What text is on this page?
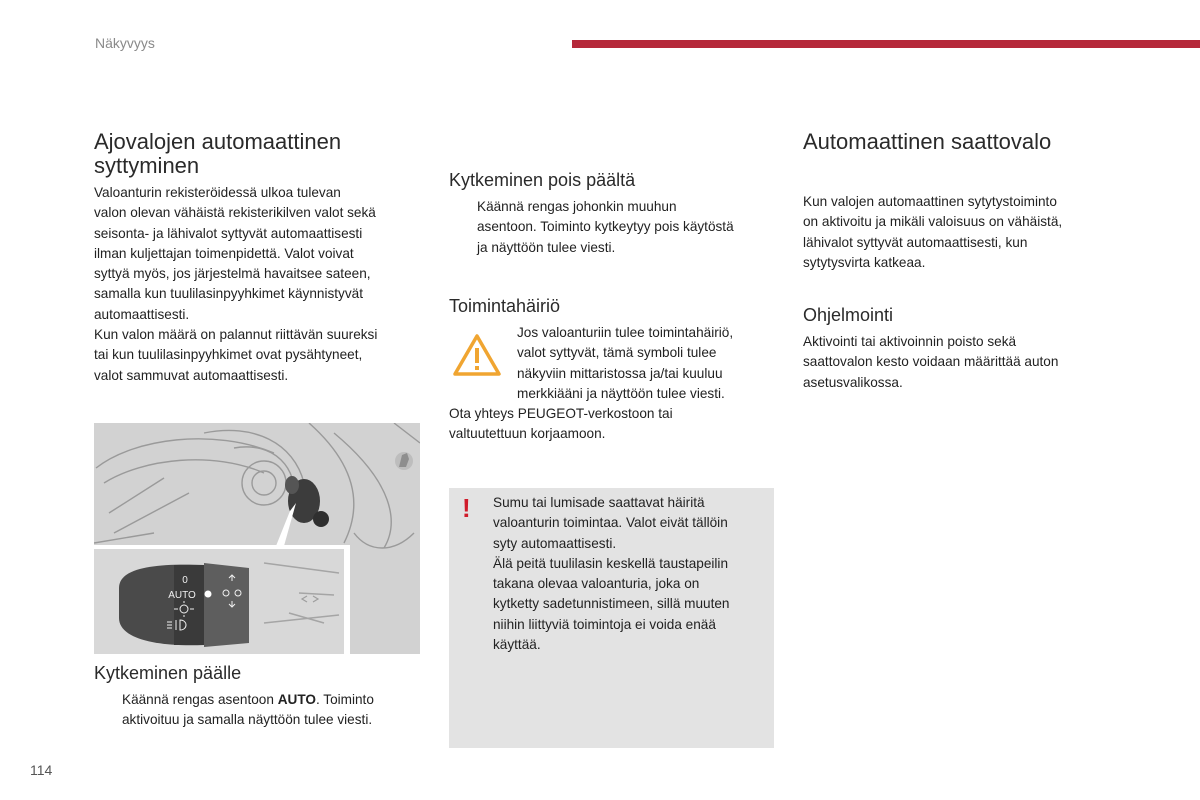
Näkyvyys
Ajovalojen automaattinen
syttyminen

Valoanturin rekisteröidessä ulkoa tulevan
valon olevan vähäistä rekisterikilven valot sekä
seisonta- ja lähivalot syttyvät automaattisesti
ilman kuljettajan toimenpidettä. Valot voivat
syttyä myös, jos järjestelmä havaitsee sateen,
samalla kun tuulilasinpyyhkimet käynnistyvät
automaattisesti.
Kun valon määrä on palannut riittävän suureksi
tai kun tuulilasinpyyhkimet ovat pysähtyneet,
valot sammuvat automaattisesti.

0
AUTO
Kytkeminen päälle
Käännä rengas asentoon AUTO. Toiminto
aktivoituu ja samalla näyttöön tulee viesti.
Kytkeminen pois päältä
Käännä rengas johonkin muuhun
asentoon. Toiminto kytkeytyy pois käytöstä
ja näyttöön tulee viesti.
Toimintahäiriö

Jos valoanturiin tulee toimintahäiriö,
valot syttyvät, tämä symboli tulee
näkyviin mittaristossa ja/tai kuuluu
merkkiääni ja näyttöön tulee viesti.

Ota yhteys PEUGEOT-verkostoon tai
valtuutettuun korjaamoon.

!	Sumu tai lumisade saattavat häiritä
valoanturin toimintaa. Valot eivät tällöin
syty automaattisesti.
Älä peitä tuulilasin keskellä taustapeilin
takana olevaa valoanturia, joka on
kytketty sadetunnistimeen, sillä muuten
niihin liittyviä toimintoja ei voida enää
käyttää.

Automaattinen saattovalo

Kun valojen automaattinen sytytystoiminto
on aktivoitu ja mikäli valoisuus on vähäistä,
lähivalot syttyvät automaattisesti, kun
sytytysvirta katkeaa.

Ohjelmointi

Aktivointi tai aktivoinnin poisto sekä
saattovalon kesto voidaan määrittää auton
asetusvalikossa.

114
